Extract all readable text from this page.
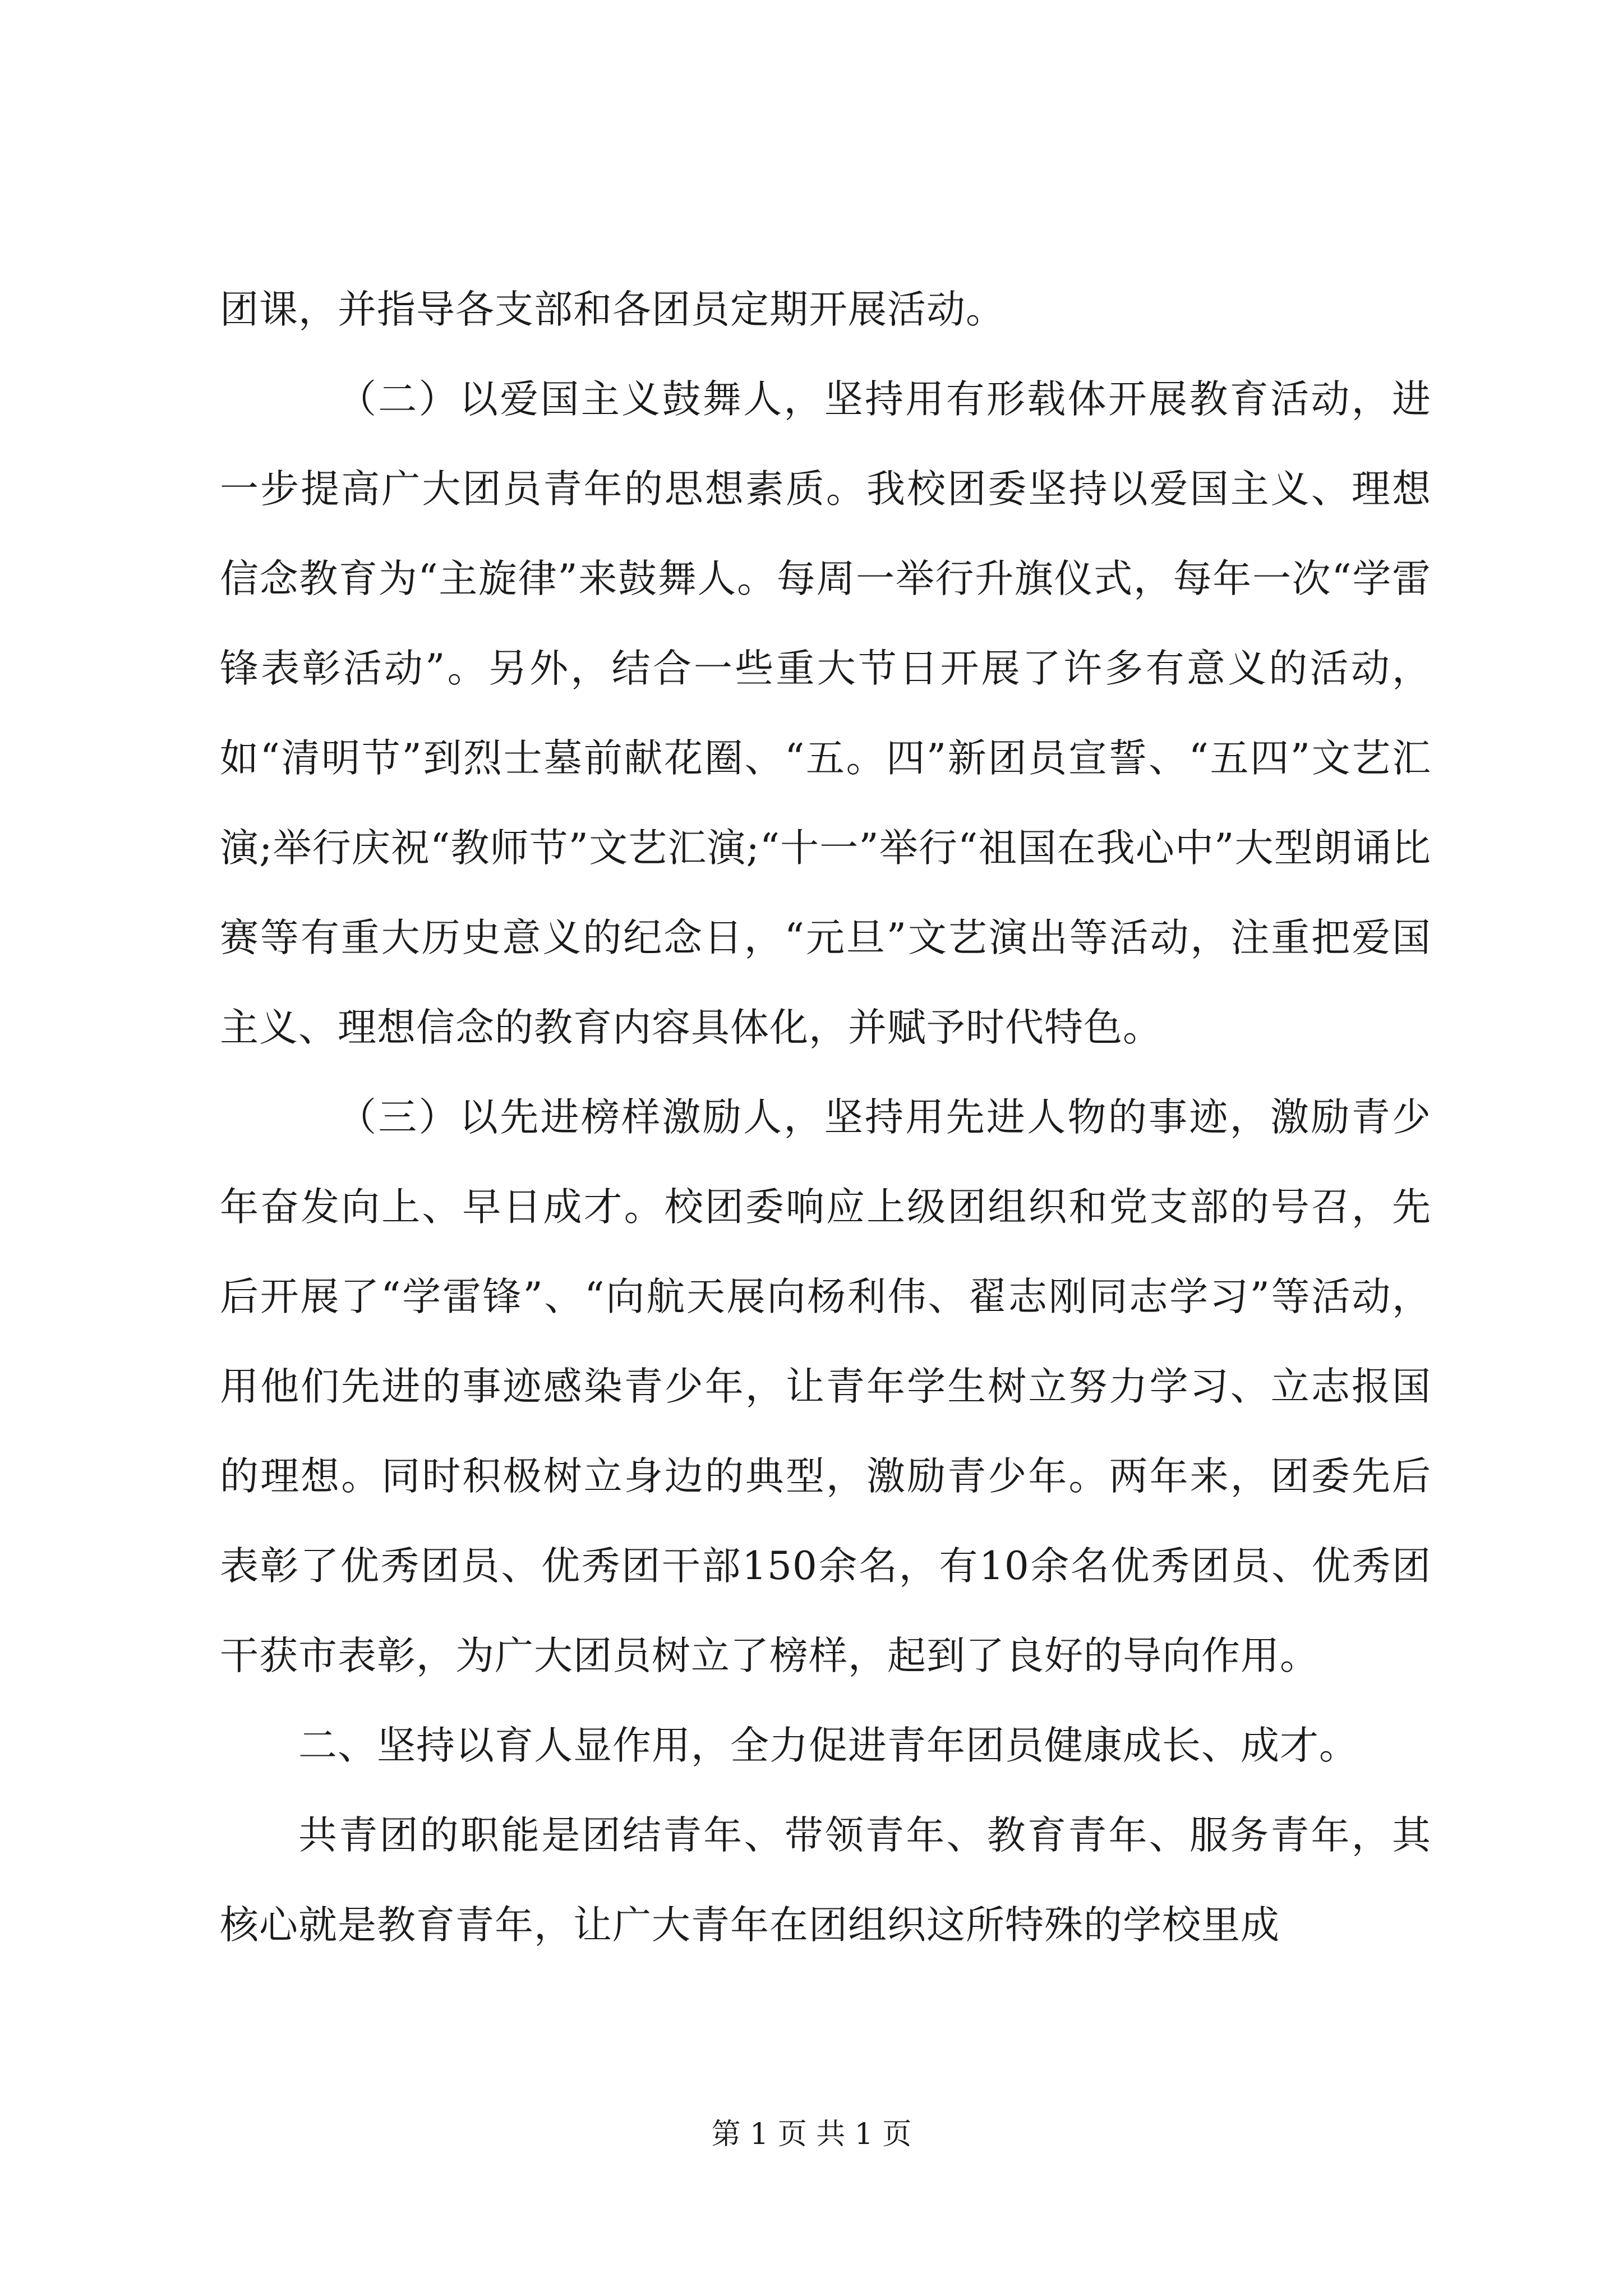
团课，并指导各支部和各团员定期开展活动。

（二）以爱国主义鼓舞人，坚持用有形载体开展教育活动，进一步提高广大团员青年的思想素质。我校团委坚持以爱国主义、理想信念教育为“主旋律”来鼓舞人。每周一举行升旗仪式，每年一次“学雷锋表彰活动”。另外，结合一些重大节日开展了许多有意义的活动，如“清明节”到烈士墓前献花圈、“五。四”新团员宣誓、“五四”文艺汇演;举行庆祝“教师节”文艺汇演;“十一”举行“祖国在我心中”大型朗诵比赛等有重大历史意义的纪念日，“元旦”文艺演出等活动，注重把爱国主义、理想信念的教育内容具体化，并赋予时代特色。

（三）以先进榜样激励人，坚持用先进人物的事迹，激励青少年奋发向上、早日成才。校团委响应上级团组织和党支部的号召，先后开展了“学雷锋”、“向航天展向杨利伟、翟志刚同志学习”等活动，用他们先进的事迹感染青少年，让青年学生树立努力学习、立志报国的理想。同时积极树立身边的典型，激励青少年。两年来，团委先后表彰了优秀团员、优秀团干部150余名，有10余名优秀团员、优秀团干获市表彰，为广大团员树立了榜样，起到了良好的导向作用。

二、坚持以育人显作用，全力促进青年团员健康成长、成才。

共青团的职能是团结青年、带领青年、教育青年、服务青年，其核心就是教育青年，让广大青年在团组织这所特殊的学校里成

第 1 页 共 1 页
